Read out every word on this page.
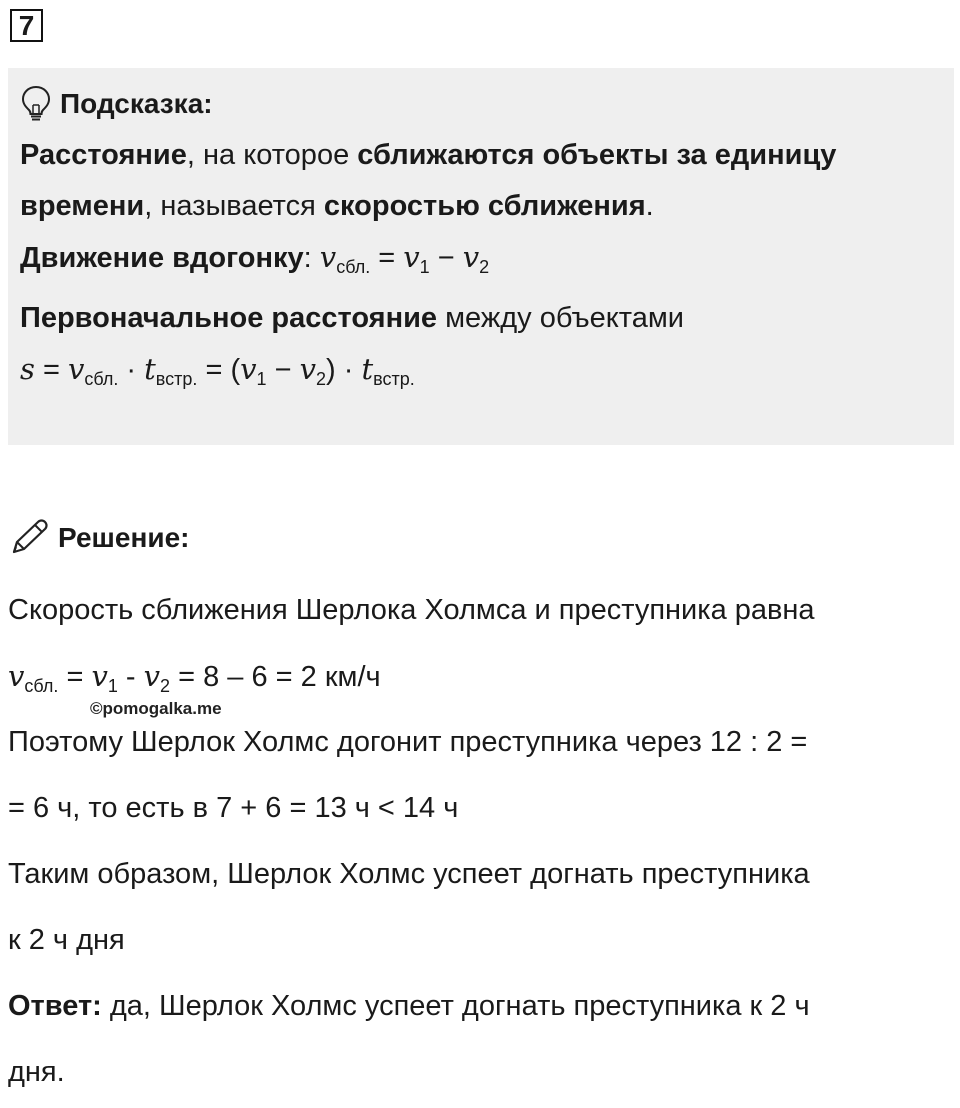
7
Подсказка:
Расстояние, на которое сближаются объекты за единицу
времени, называется скоростью сближения.
Движение вдогонку: $v_{сбл.} = v_1 - v_2$
Первоначальное расстояние между объектами
$s = v_{сбл.} \cdot t_{встр.} = (v_1 - v_2) \cdot t_{встр.}$
Решение:
Скорость сближения Шерлока Холмса и преступника равна
$v_{сбл.} = v_1 - v_2 = 8 - 6 = 2$ км/ч
Поэтому Шерлок Холмс догонит преступника через 12 : 2 =
= 6 ч, то есть в 7 + 6 = 13 ч < 14 ч
Таким образом, Шерлок Холмс успеет догнать преступника
к 2 ч дня
Ответ: да, Шерлок Холмс успеет догнать преступника к 2 ч
дня.
©pomogalka.me
